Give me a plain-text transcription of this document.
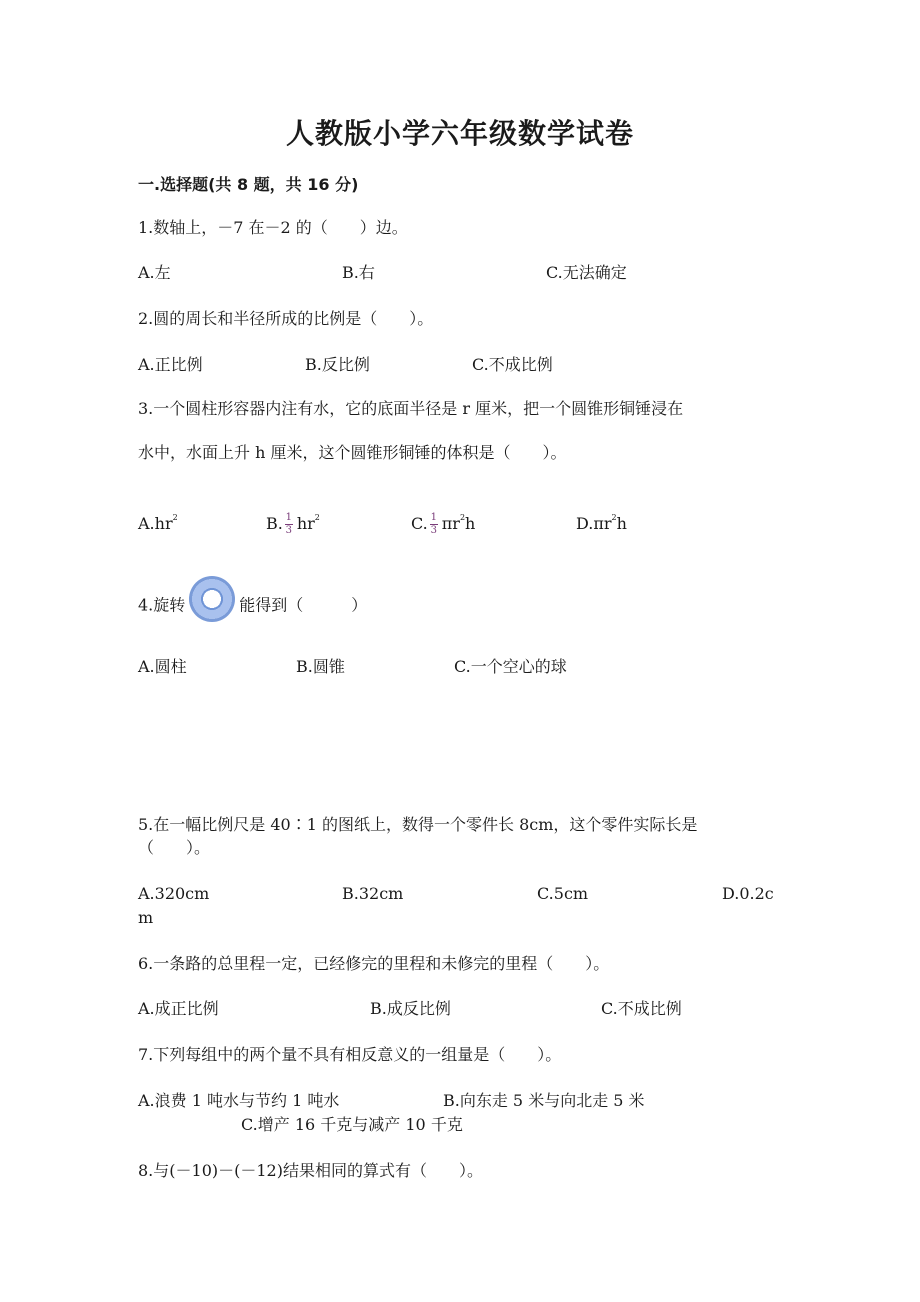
人教版小学六年级数学试卷
一.选择题(共 8 题，共 16 分)
1.数轴上，－7 在－2 的（　　）边。
A.左	B.右	C.无法确定
2.圆的周长和半径所成的比例是（　　）。
A.正比例	B.反比例	C.不成比例
3.一个圆柱形容器内注有水，它的底面半径是 r 厘米，把一个圆锥形铜锤浸在
水中，水面上升 h 厘米，这个圆锥形铜锤的体积是（　　）。
$A.hr^2$	B. $\frac{1}{3} hr^2$	C. $\frac{1}{3} \pi r^2h$	$D.\pi r^2h$
4.旋转	能得到（　　　）
A.圆柱	B.圆锥	C.一个空心的球
5.在一幅比例尺是 40∶1 的图纸上，数得一个零件长 8cm，这个零件实际长是
（　　）。
A.320cm	B.32cm	C.5cm	D.0.2c
m
6.一条路的总里程一定，已经修完的里程和未修完的里程（　　）。
A.成正比例	B.成反比例	C.不成比例
7.下列每组中的两个量不具有相反意义的一组量是（　　）。
A.浪费 1 吨水与节约 1 吨水	B.向东走 5 米与向北走 5 米
C.增产 16 千克与减产 10 千克
8.与(－10)－(－12)结果相同的算式有（　　）。
